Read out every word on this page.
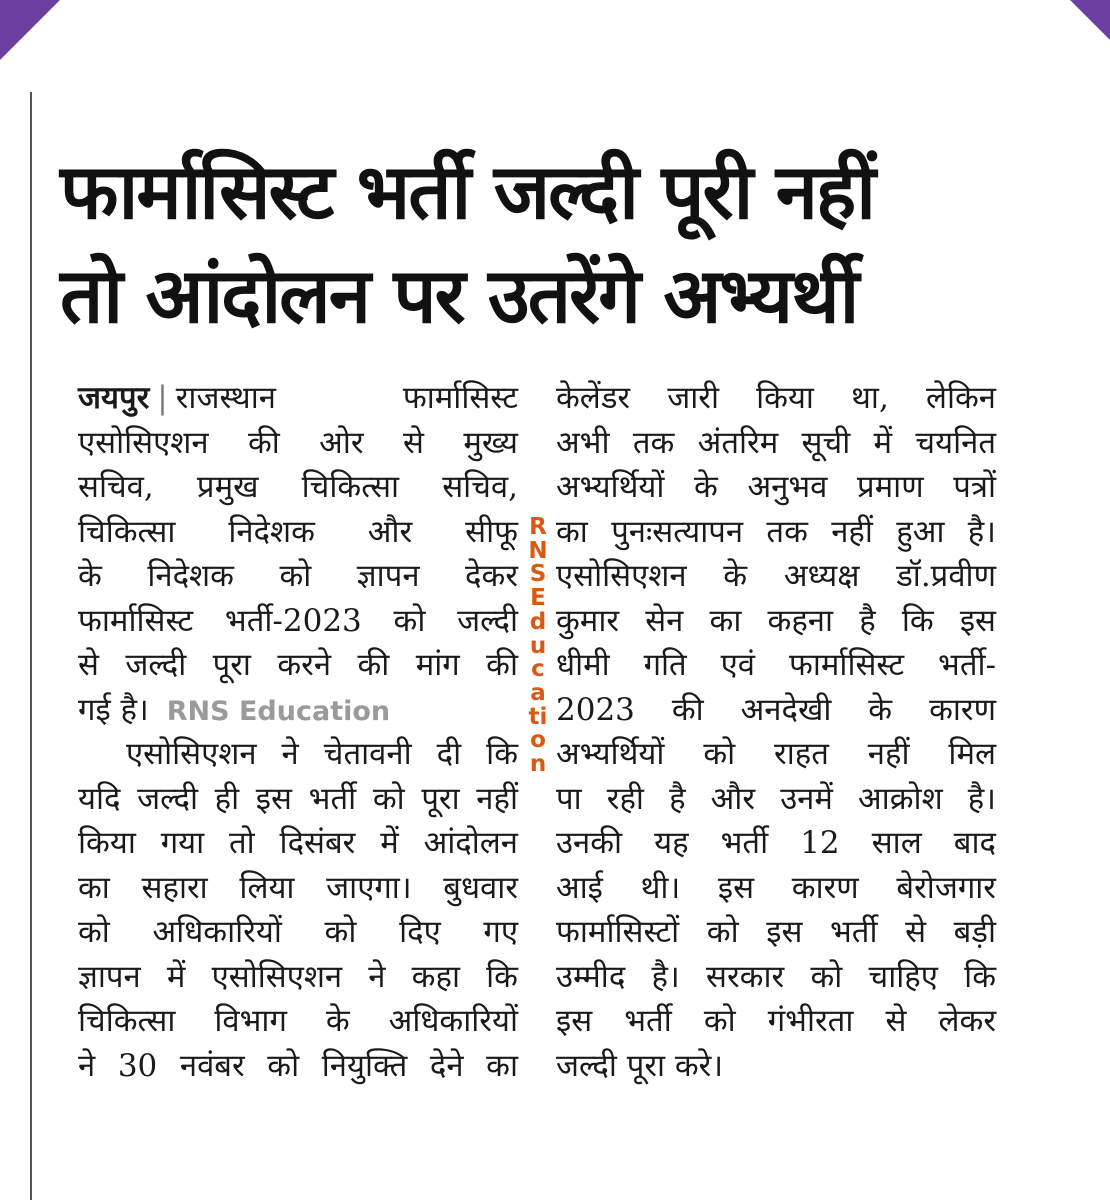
फार्मासिस्ट भर्ती जल्दी पूरी नहीं
तो आंदोलन पर उतरेंगे अभ्यर्थी
जयपुर | राजस्थान फार्मासिस्ट
एसोसिएशन की ओर से मुख्य
सचिव, प्रमुख चिकित्सा सचिव,
चिकित्सा निदेशक और सीफू
के निदेशक को ज्ञापन देकर
फार्मासिस्ट भर्ती-2023 को जल्दी
से जल्दी पूरा करने की मांग की
गई है। RNS Education
एसोसिएशन ने चेतावनी दी कि
यदि जल्दी ही इस भर्ती को पूरा नहीं
किया गया तो दिसंबर में आंदोलन
का सहारा लिया जाएगा। बुधवार
को अधिकारियों को दिए गए
ज्ञापन में एसोसिएशन ने कहा कि
चिकित्सा विभाग के अधिकारियों
ने 30 नवंबर को नियुक्ति देने का
R
N
S
E
d
u
c
a
ti
o
n
केलेंडर जारी किया था, लेकिन
अभी तक अंतरिम सूची में चयनित
अभ्यर्थियों के अनुभव प्रमाण पत्रों
का पुनःसत्यापन तक नहीं हुआ है।
एसोसिएशन के अध्यक्ष डॉ.प्रवीण
कुमार सेन का कहना है कि इस
धीमी गति एवं फार्मासिस्ट भर्ती-
2023 की अनदेखी के कारण
अभ्यर्थियों को राहत नहीं मिल
पा रही है और उनमें आक्रोश है।
उनकी यह भर्ती 12 साल बाद
आई थी। इस कारण बेरोजगार
फार्मासिस्टों को इस भर्ती से बड़ी
उम्मीद है। सरकार को चाहिए कि
इस भर्ती को गंभीरता से लेकर
जल्दी पूरा करे।
